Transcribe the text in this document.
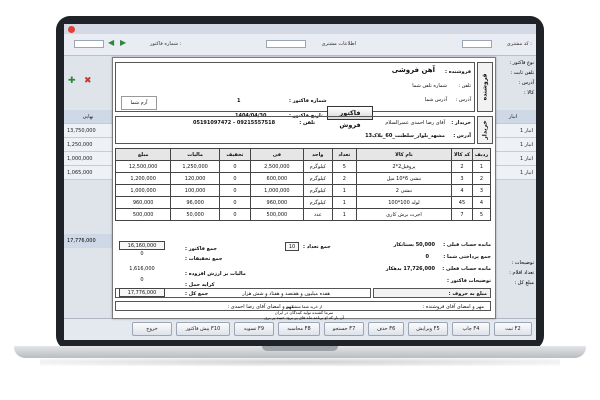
کد مشتری :
اطلاعات مشتری
شماره فاکتور :
◀ ▶
نوع فاکتور :
تلفن ثابت :
آدرس :
کالا :
انبار
انبار 1
انبار 1
انبار 1
انبار 1
✚ ✖
بهایی
13,750,000
1,250,000
1,000,000
1,065,000
17,776,000
توضیحات :
تعداد اقلام :
مبلغ کل :
ثبت F2
چاپ F4
ویرایش F5
حذف F6
جستجو F7
محاسبه F8
تسویه F9
پیش فاکتور F10
خروج
فروشنده
فروشنده :
آهن فروشی
تلفن :
شماره تلفن شما
آدرس :
آدرس شما
شماره فاکتور :
1
تاریخ فاکتور :
1404/04/30	فاکتور فروش
آرم شما
خریدار
خریدار :
آقای رضا احمدی عمیرالسلام
تلفن :
09215557518 - 05191097472
آدرس :
مشهد_بلوار_سلطنت_60_پلاک13
ردیف	کد کالا	نام کالا	تعداد	واحد	فی	تخفیف	مالیات	مبلغ
1	2	پروفیل2*2	5	کیلوگرم	2,500,000	0	1,250,000	12,500,000
2	3	نبشی 6*10 میل	2	کیلوگرم	600,000	0	120,000	1,200,000
3	4	نبشی 2	1	کیلوگرم	1,000,000	0	100,000	1,000,000
4	45	لوله 100*100	1	کیلوگرم	960,000	0	96,000	960,000
5	7	اجرت برش کاری	1	عدد	500,000	0	50,000	500,000
مانده حساب قبلی :
50,000 بستانکار
جمع پرداختی شما :
0
مانده حساب فعلی :
17,726,000 بدهکار
توضیحات فاکتور :
مبلغ به حروف :
هفده میلیون و هفتصد و هفتاد و شش هزار
جمع تعداد :
10
جمع فاکتور :
16,160,000
جمع تخفیفات :
0
مالیات بر ارزش افزوده :
1,616,000
کرایه حمل :
0
جمع کل :
17,776,000
مهر و امضای آقای فروشنده :
مهر و امضای آقای رضا احمدی :
از خرید شما متشکریم
سرما کشنده تولید کنندگان در ایران
آن بار که او برنامه ماه های پر برود حبیبه پر بری
